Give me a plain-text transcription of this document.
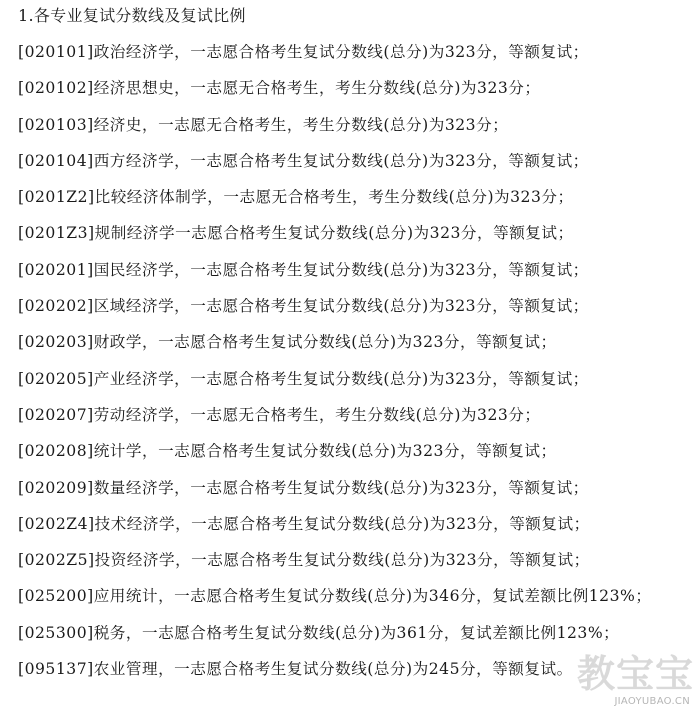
1.各专业复试分数线及复试比例
[020101]政治经济学，一志愿合格考生复试分数线(总分)为323分，等额复试；
[020102]经济思想史，一志愿无合格考生，考生分数线(总分)为323分；
[020103]经济史，一志愿无合格考生，考生分数线(总分)为323分；
[020104]西方经济学，一志愿合格考生复试分数线(总分)为323分，等额复试；
[0201Z2]比较经济体制学，一志愿无合格考生，考生分数线(总分)为323分；
[0201Z3]规制经济学一志愿合格考生复试分数线(总分)为323分，等额复试；
[020201]国民经济学，一志愿合格考生复试分数线(总分)为323分，等额复试；
[020202]区域经济学，一志愿合格考生复试分数线(总分)为323分，等额复试；
[020203]财政学，一志愿合格考生复试分数线(总分)为323分，等额复试；
[020205]产业经济学，一志愿合格考生复试分数线(总分)为323分，等额复试；
[020207]劳动经济学，一志愿无合格考生，考生分数线(总分)为323分；
[020208]统计学，一志愿合格考生复试分数线(总分)为323分，等额复试；
[020209]数量经济学，一志愿合格考生复试分数线(总分)为323分，等额复试；
[0202Z4]技术经济学，一志愿合格考生复试分数线(总分)为323分，等额复试；
[0202Z5]投资经济学，一志愿合格考生复试分数线(总分)为323分，等额复试；
[025200]应用统计，一志愿合格考生复试分数线(总分)为346分，复试差额比例123%；
[025300]税务，一志愿合格考生复试分数线(总分)为361分，复试差额比例123%；
[095137]农业管理，一志愿合格考生复试分数线(总分)为245分，等额复试。 教宝宝
JIAOYUBAO.CN
